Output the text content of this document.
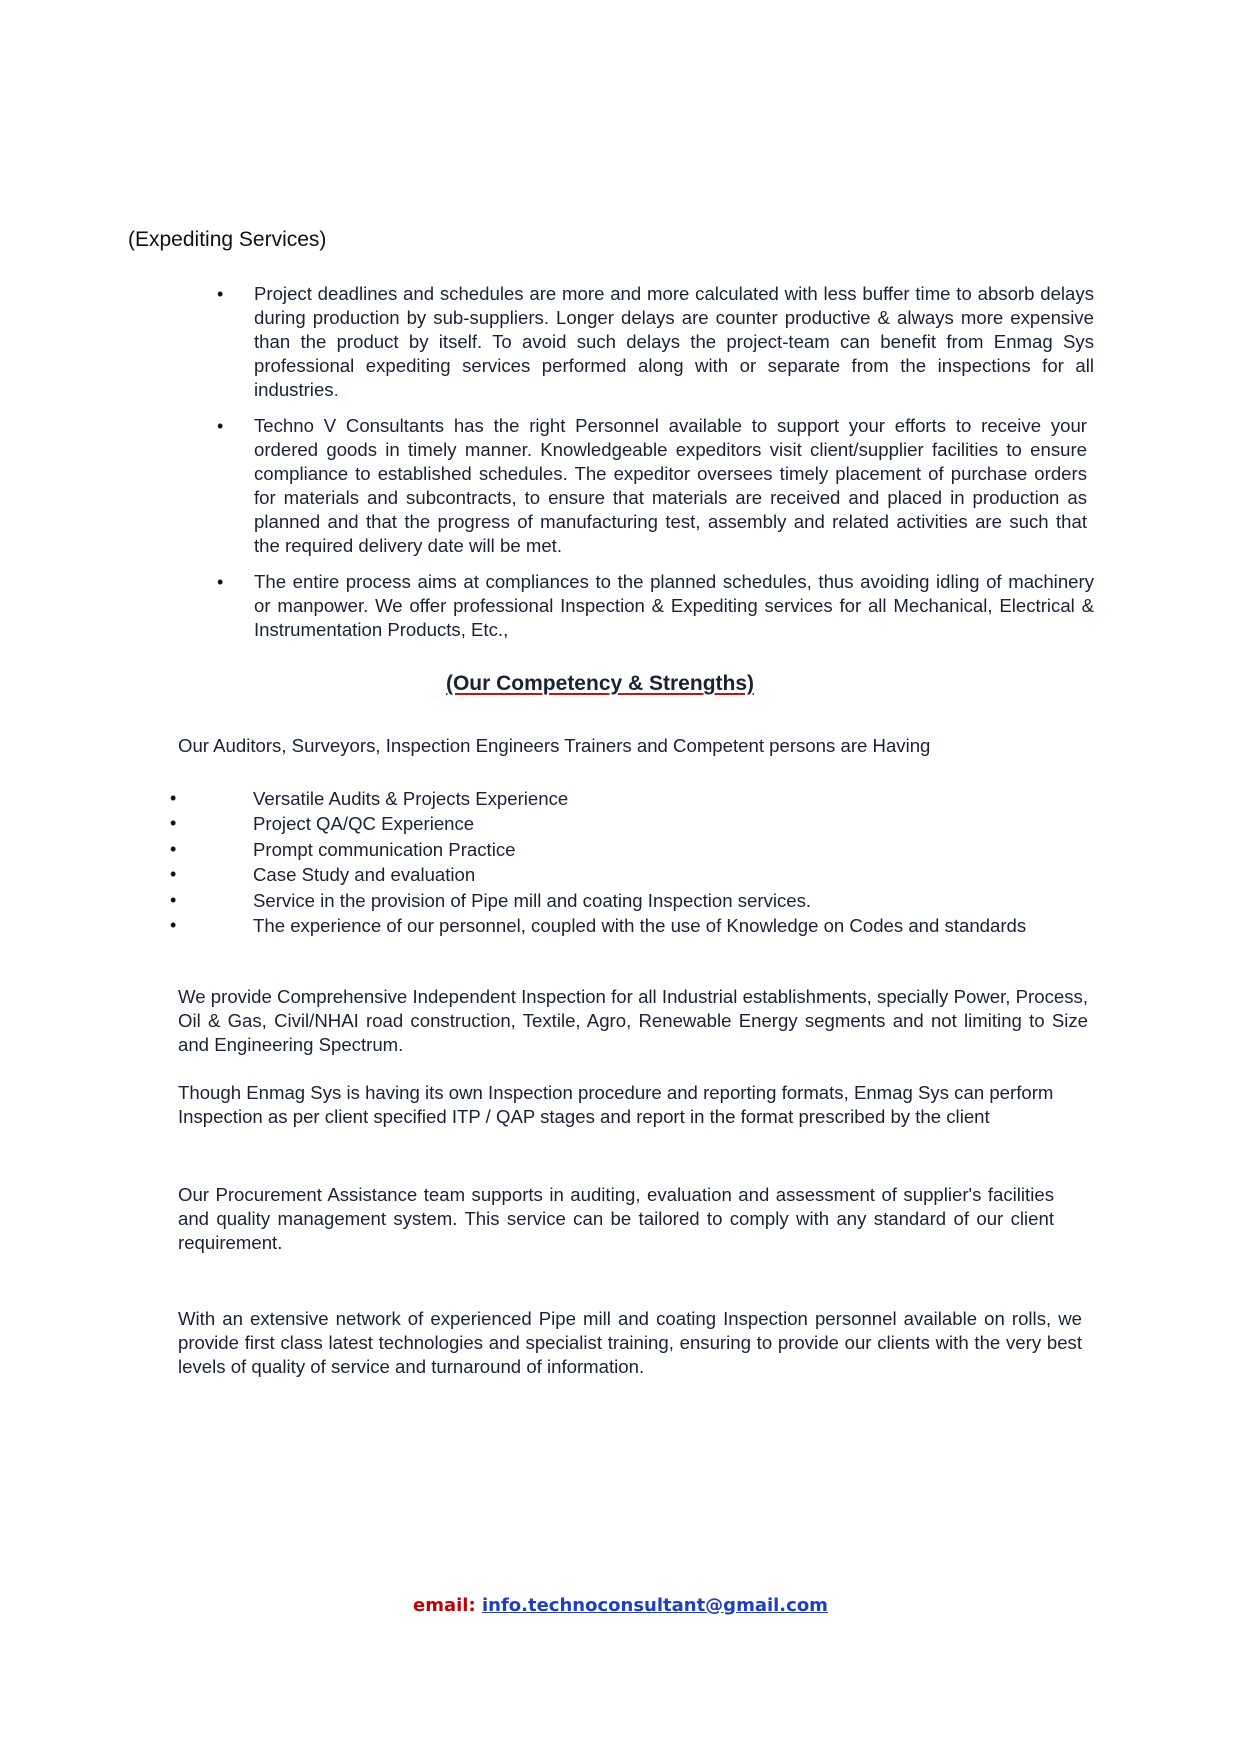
(Expediting Services)
• Project deadlines and schedules are more and more calculated with less buffer time to absorb delays during production by sub-suppliers. Longer delays are counter productive & always more expensive than the product by itself. To avoid such delays the project-team can benefit from Enmag Sys professional expediting services performed along with or separate from the inspections for all industries.
• Techno V Consultants has the right Personnel available to support your efforts to receive your ordered goods in timely manner. Knowledgeable expeditors visit client/supplier facilities to ensure compliance to established schedules. The expeditor oversees timely placement of purchase orders for materials and subcontracts, to ensure that materials are received and placed in production as planned and that the progress of manufacturing test, assembly and related activities are such that the required delivery date will be met.
• The entire process aims at compliances to the planned schedules, thus avoiding idling of machinery or manpower. We offer professional Inspection & Expediting services for all Mechanical, Electrical & Instrumentation Products, Etc.,
(Our Competency & Strengths)

Our Auditors, Surveyors, Inspection Engineers Trainers and Competent persons are Having

• Versatile Audits & Projects Experience
• Project QA/QC Experience
• Prompt communication Practice
• Case Study and evaluation
• Service in the provision of Pipe mill and coating Inspection services.
• The experience of our personnel, coupled with the use of Knowledge on Codes and standards

We provide Comprehensive Independent Inspection for all Industrial establishments, specially Power, Process, Oil & Gas, Civil/NHAI road construction, Textile, Agro, Renewable Energy segments and not limiting to Size and Engineering Spectrum.

Though Enmag Sys is having its own Inspection procedure and reporting formats, Enmag Sys can perform Inspection as per client specified ITP / QAP stages and report in the format prescribed by the client

Our Procurement Assistance team supports in auditing, evaluation and assessment of supplier's facilities and quality management system. This service can be tailored to comply with any standard of our client requirement.

With an extensive network of experienced Pipe mill and coating Inspection personnel available on rolls, we provide first class latest technologies and specialist training, ensuring to provide our clients with the very best levels of quality of service and turnaround of information.

email: info.technoconsultant@gmail.com
